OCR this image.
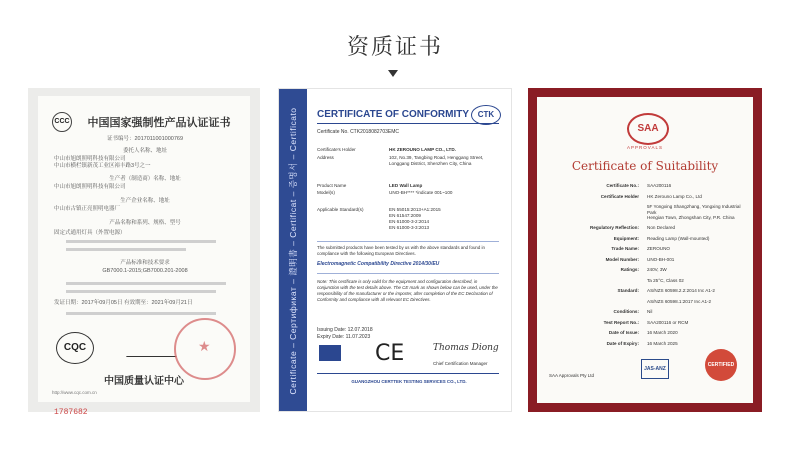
资质证书
CCC	中国国家强制性产品认证证书
证书编号：2017011001000769
委托人名称、地址
中山市旭朗照明科技有限公司
中山市横栏镇新茂工业区裕丰路3号之一
生产者（制造商）名称、地址
中山市旭朗照明科技有限公司
生产企业名称、地址
中山市古镇正亮照明电器厂
产品名称和系列、规格、型号
固定式通用灯具（外置电源）
产品标准和技术要求
GB7000.1-2015;GB7000.201-2008
发证日期：2017年09月05日 有效期至：2021年09月21日
CQC
★
中国质量认证中心
http://www.cqc.com.cn
1787682
Certificate – Сертификат – 證明書 – Certificat – 증명서 – Certificato CERTIFICATE OF CONFORMITY	CTK
Certificate No. CTK2018082703EMC
Certificate's Holder	HK ZEROUNO LAMP CO., LTD.
Address	102, No.39, Tangbing Road, Henggang Street, Longgang District, Shenzhen City, China
Product Name	LED Wall Lamp
Model(s)	UNO-BH**** *indicate 001~100
Applicable Standard(s)	EN 55015:2013+A1:2015
EN 61547:2009
EN 61000-3-2:2014
EN 61000-3-3:2013
The submitted products have been tested by us with the above standards and found in compliance with the following European Directives.
Electromagnetic Compatibility Directive 2014/30/EU
Note: This certificate is only valid for the equipment and configuration described, in conjunction with the test details above. The CE mark as shown below can be used, under the responsibility of the manufacturer or the importer, after completion of the EC Declaration of Conformity and compliance with all relevant EC Directives.
Issuing Date: 12.07.2018
Expiry Date: 11.07.2023
CE	Thomas Diong
Chief Certification Manager
GUANGZHOU CERTTEK TESTING SERVICES CO., LTD.
SAA
APPROVALS
Certificate of Suitability
Certificate No.: SAA200116
Certificate Holder HK Zerouno Lamp Co., Ltd
5F Yongxing Shangzhang, Yongxing Industrial Park
Hengian Town, Zhongshan City, P.R. China
Regulatory Reflection: Non Declared
Equipment: Reading Lamp (Wall-mounted)
Trade Name: ZEROUNO
Model Number: UNO-BH-001
Ratings: 240V, 3W
Ta 25°C, Class 02
Standard: AS/NZS 60598.2.2:2014 Inc A1-2
AS/NZS 60598.1:2017 Inc A1-2
Conditions: Nil
Test Report No.: SAA200116 or RCM
Date of Issue: 16 March 2020
Date of Expiry: 16 March 2025
SAA Approvals Pty Ltd
JAS-ANZ
CERTIFIED
